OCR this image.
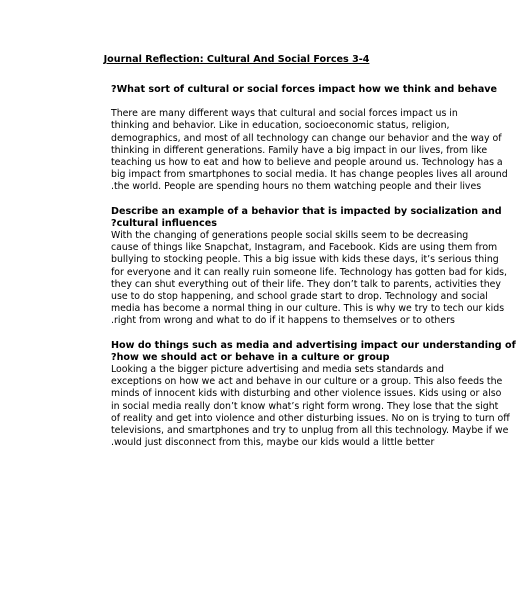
Journal Reflection: Cultural And Social Forces 3-4
?What sort of cultural or social forces impact how we think and behave
There are many different ways that cultural and social forces impact us in
thinking and behavior. Like in education, socioeconomic status, religion,
demographics, and most of all technology can change our behavior and the way of
thinking in different generations. Family have a big impact in our lives, from like
teaching us how to eat and how to believe and people around us. Technology has a
big impact from smartphones to social media. It has change peoples lives all around
.the world. People are spending hours no them watching people and their lives
Describe an example of a behavior that is impacted by socialization and
?cultural influences
With the changing of generations people social skills seem to be decreasing
cause of things like Snapchat, Instagram, and Facebook. Kids are using them from
bullying to stocking people. This a big issue with kids these days, it’s serious thing
for everyone and it can really ruin someone life. Technology has gotten bad for kids,
they can shut everything out of their life. They don’t talk to parents, activities they
use to do stop happening, and school grade start to drop. Technology and social
media has become a normal thing in our culture. This is why we try to tech our kids
.right from wrong and what to do if it happens to themselves or to others
How do things such as media and advertising impact our understanding of
?how we should act or behave in a culture or group
Looking a the bigger picture advertising and media sets standards and
exceptions on how we act and behave in our culture or a group. This also feeds the
minds of innocent kids with disturbing and other violence issues. Kids using or also
in social media really don’t know what’s right form wrong. They lose that the sight
of reality and get into violence and other disturbing issues. No on is trying to turn off
televisions, and smartphones and try to unplug from all this technology. Maybe if we
.would just disconnect from this, maybe our kids would a little better
